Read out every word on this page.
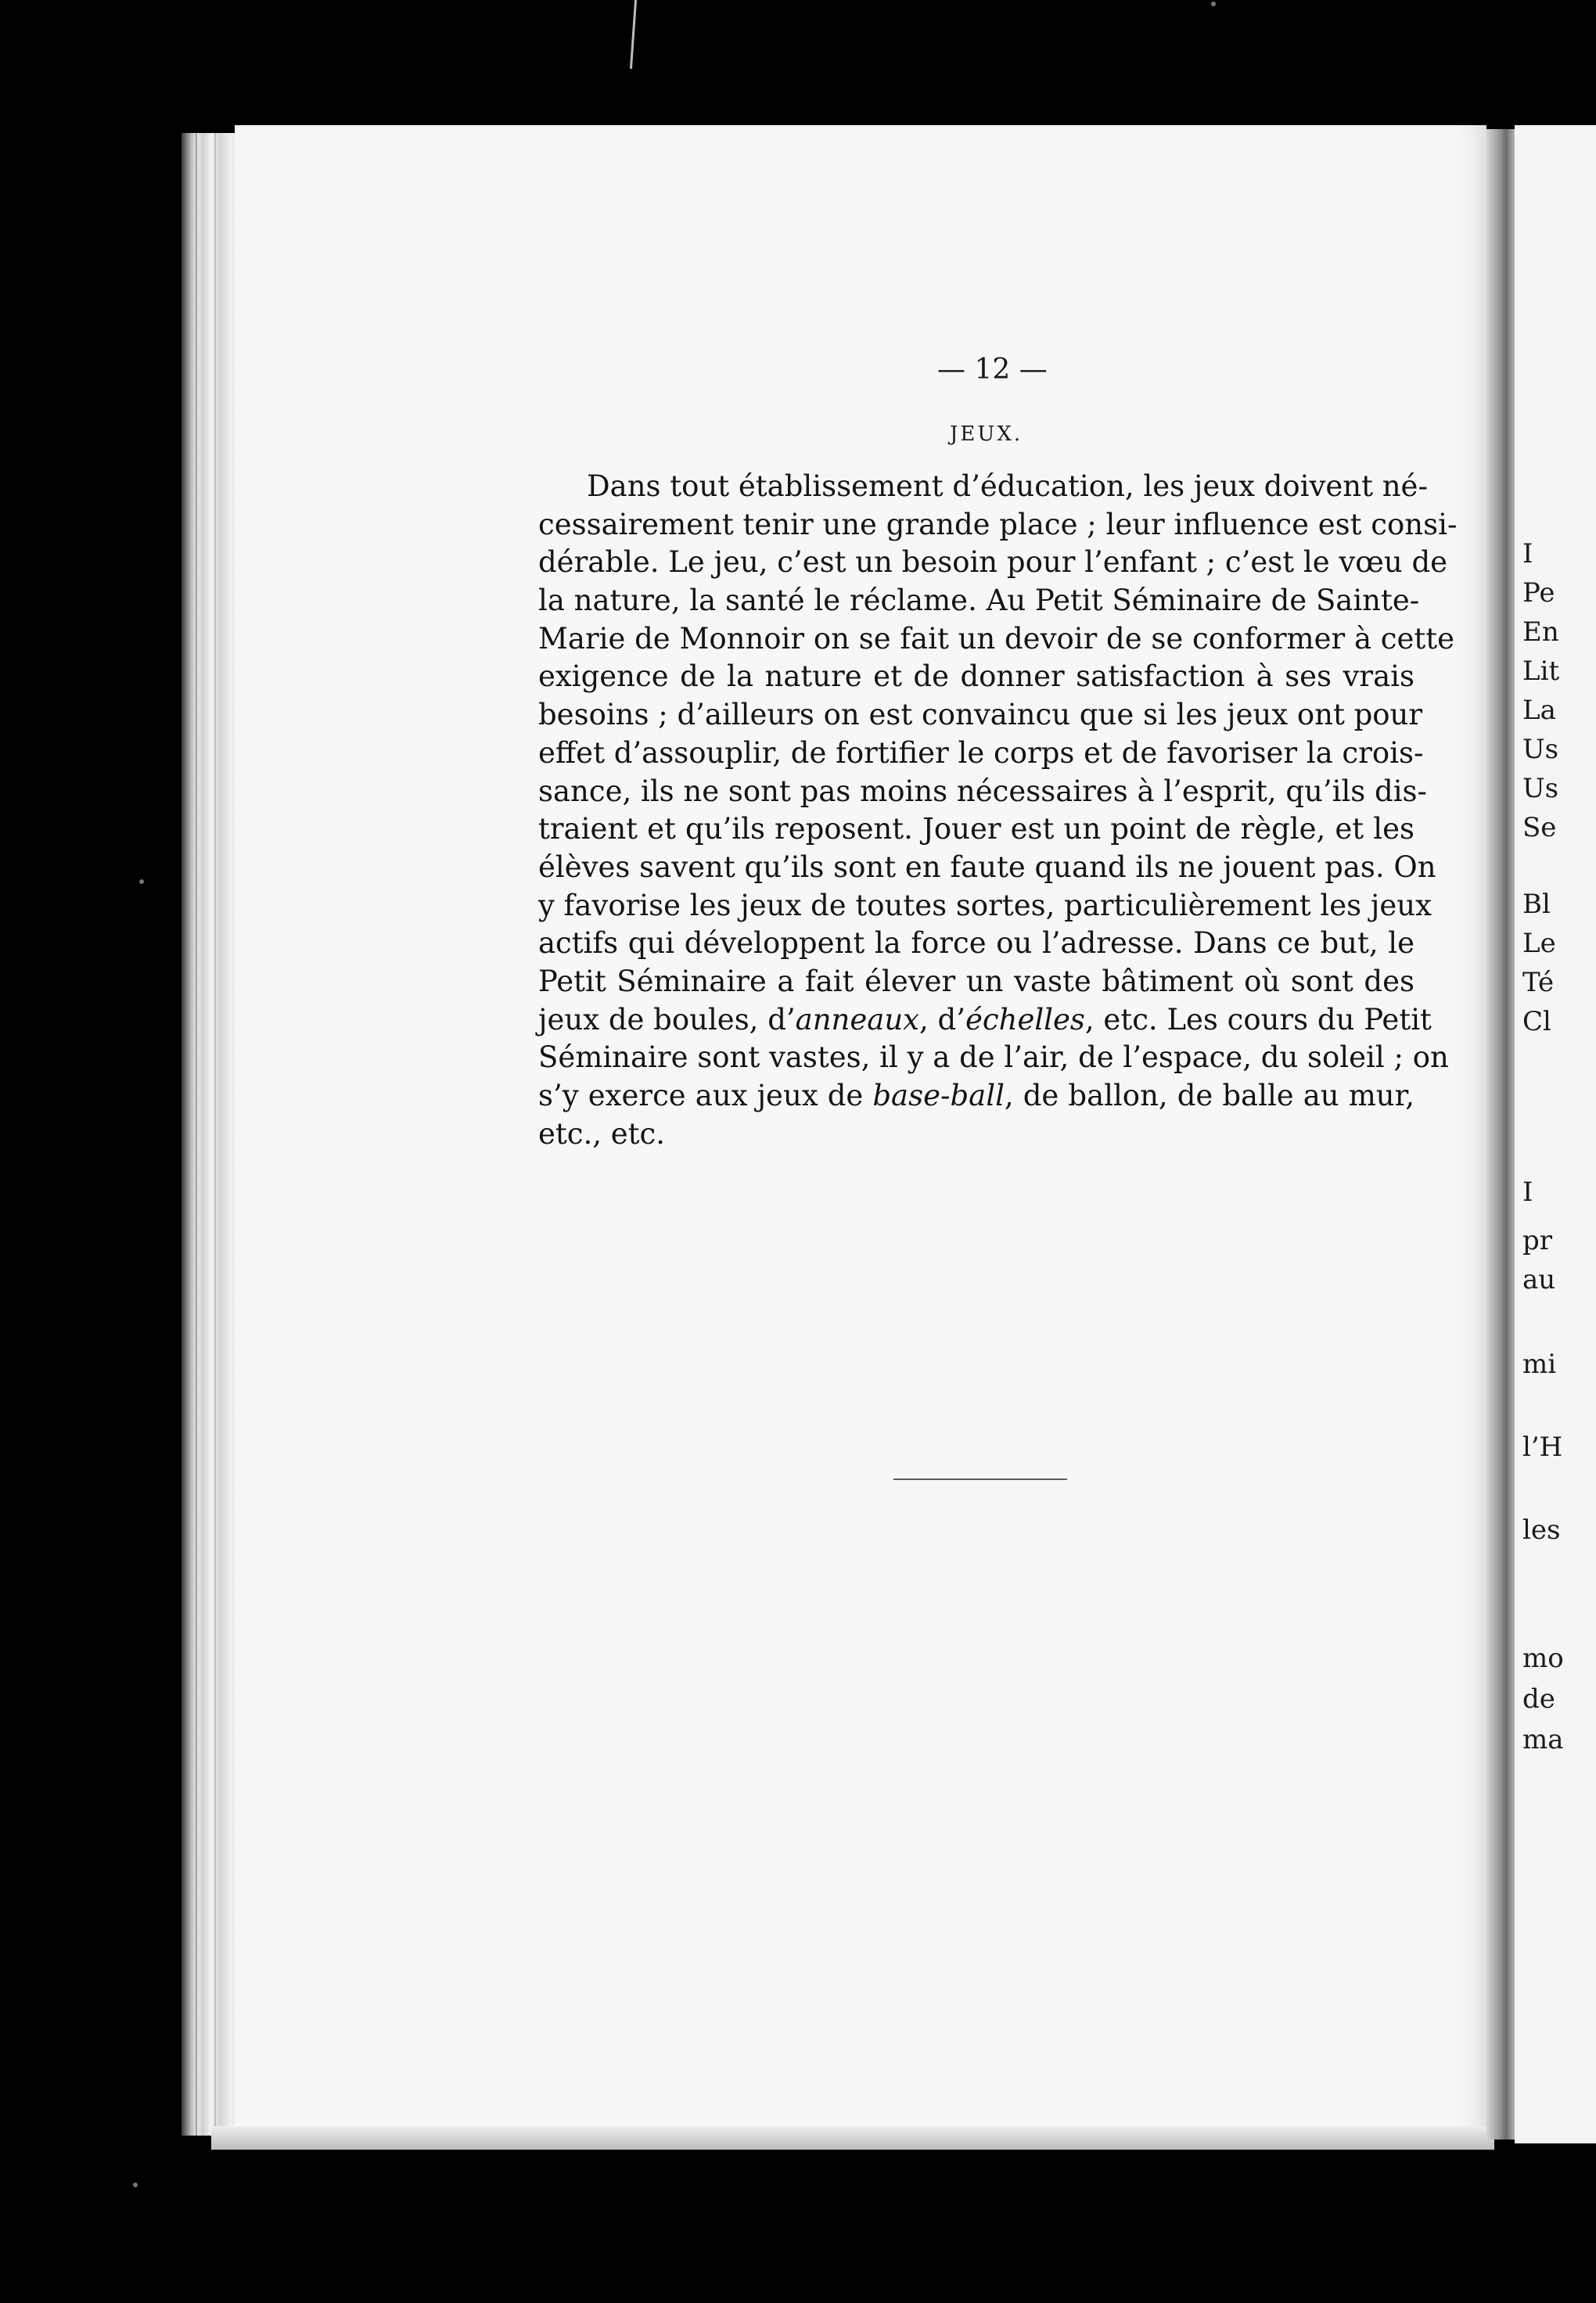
I
Pe
En
Lit
La
Us
Us
Se
Bl
Le
Té
Cl
I
pr
au
mi
l’H
les
mo
de
ma
— 12 —
JEUX.
Dans tout établissement d’éducation, les jeux doivent né-
cessairement tenir une grande place ; leur influence est consi-
dérable. Le jeu, c’est un besoin pour l’enfant ; c’est le vœu de
la nature, la santé le réclame. Au Petit Séminaire de Sainte-
Marie de Monnoir on se fait un devoir de se conformer à cette
exigence de la nature et de donner satisfaction à ses vrais
besoins ; d’ailleurs on est convaincu que si les jeux ont pour
effet d’assouplir, de fortifier le corps et de favoriser la crois-
sance, ils ne sont pas moins nécessaires à l’esprit, qu’ils dis-
traient et qu’ils reposent. Jouer est un point de règle, et les
élèves savent qu’ils sont en faute quand ils ne jouent pas. On
y favorise les jeux de toutes sortes, particulièrement les jeux
actifs qui développent la force ou l’adresse. Dans ce but, le
Petit Séminaire a fait élever un vaste bâtiment où sont des
jeux de boules, d’anneaux, d’échelles, etc. Les cours du Petit
Séminaire sont vastes, il y a de l’air, de l’espace, du soleil ; on
s’y exerce aux jeux de base-ball, de ballon, de balle au mur,
etc., etc.
